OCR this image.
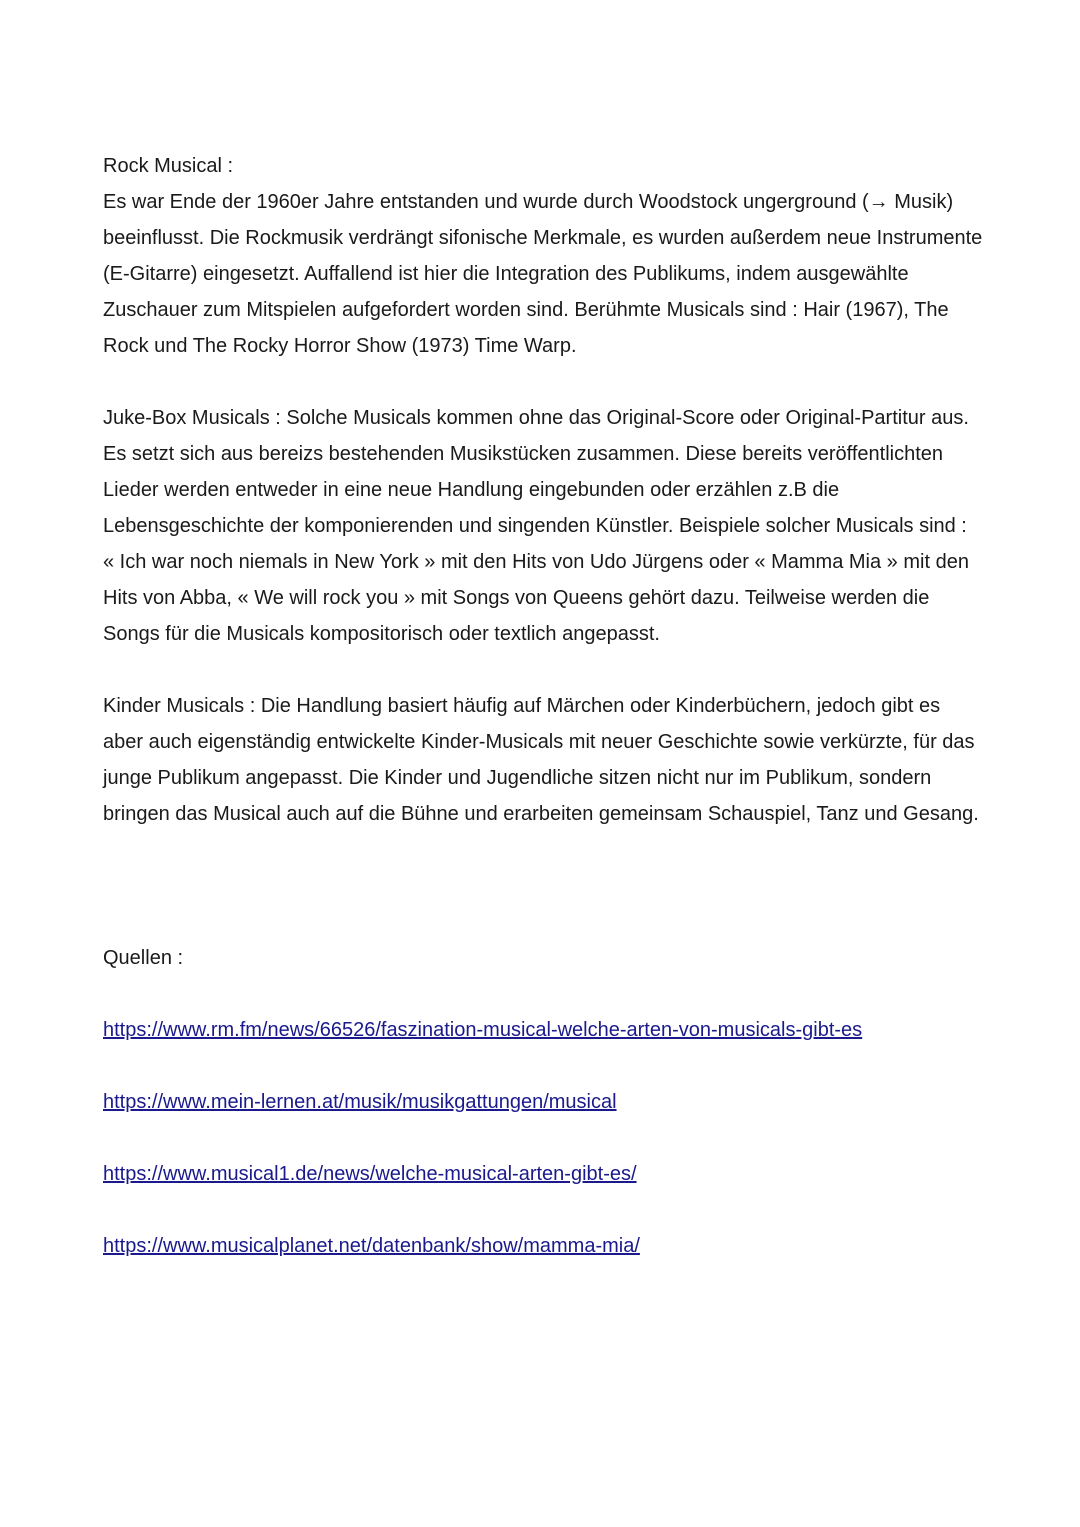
Rock Musical :
Es war Ende der 1960er Jahre entstanden und wurde durch Woodstock ungerground (→ Musik) beeinflusst. Die Rockmusik verdrängt sifonische Merkmale, es wurden außerdem neue Instrumente (E-Gitarre) eingesetzt. Auffallend ist hier die Integration des Publikums, indem ausgewählte Zuschauer zum Mitspielen aufgefordert worden sind. Berühmte Musicals sind : Hair (1967), The Rock und The Rocky Horror Show (1973) Time Warp.

Juke-Box Musicals : Solche Musicals kommen ohne das Original-Score oder Original-Partitur aus. Es setzt sich aus bereizs bestehenden Musikstücken zusammen. Diese bereits veröffentlichten Lieder werden entweder in eine neue Handlung eingebunden oder erzählen z.B die Lebensgeschichte der komponierenden und singenden Künstler. Beispiele solcher Musicals sind : « Ich war noch niemals in New York » mit den Hits von Udo Jürgens oder « Mamma Mia » mit den Hits von Abba, « We will rock you » mit Songs von Queens gehört dazu. Teilweise werden die Songs für die Musicals kompositorisch oder textlich angepasst.

Kinder Musicals : Die Handlung basiert häufig auf Märchen oder Kinderbüchern, jedoch gibt es aber auch eigenständig entwickelte Kinder-Musicals mit neuer Geschichte sowie verkürzte, für das junge Publikum angepasst. Die Kinder und Jugendliche sitzen nicht nur im Publikum, sondern bringen das Musical auch auf die Bühne und erarbeiten gemeinsam Schauspiel, Tanz und Gesang.

Quellen :

https://www.rm.fm/news/66526/faszination-musical-welche-arten-von-musicals-gibt-es
https://www.mein-lernen.at/musik/musikgattungen/musical
https://www.musical1.de/news/welche-musical-arten-gibt-es/
https://www.musicalplanet.net/datenbank/show/mamma-mia/
